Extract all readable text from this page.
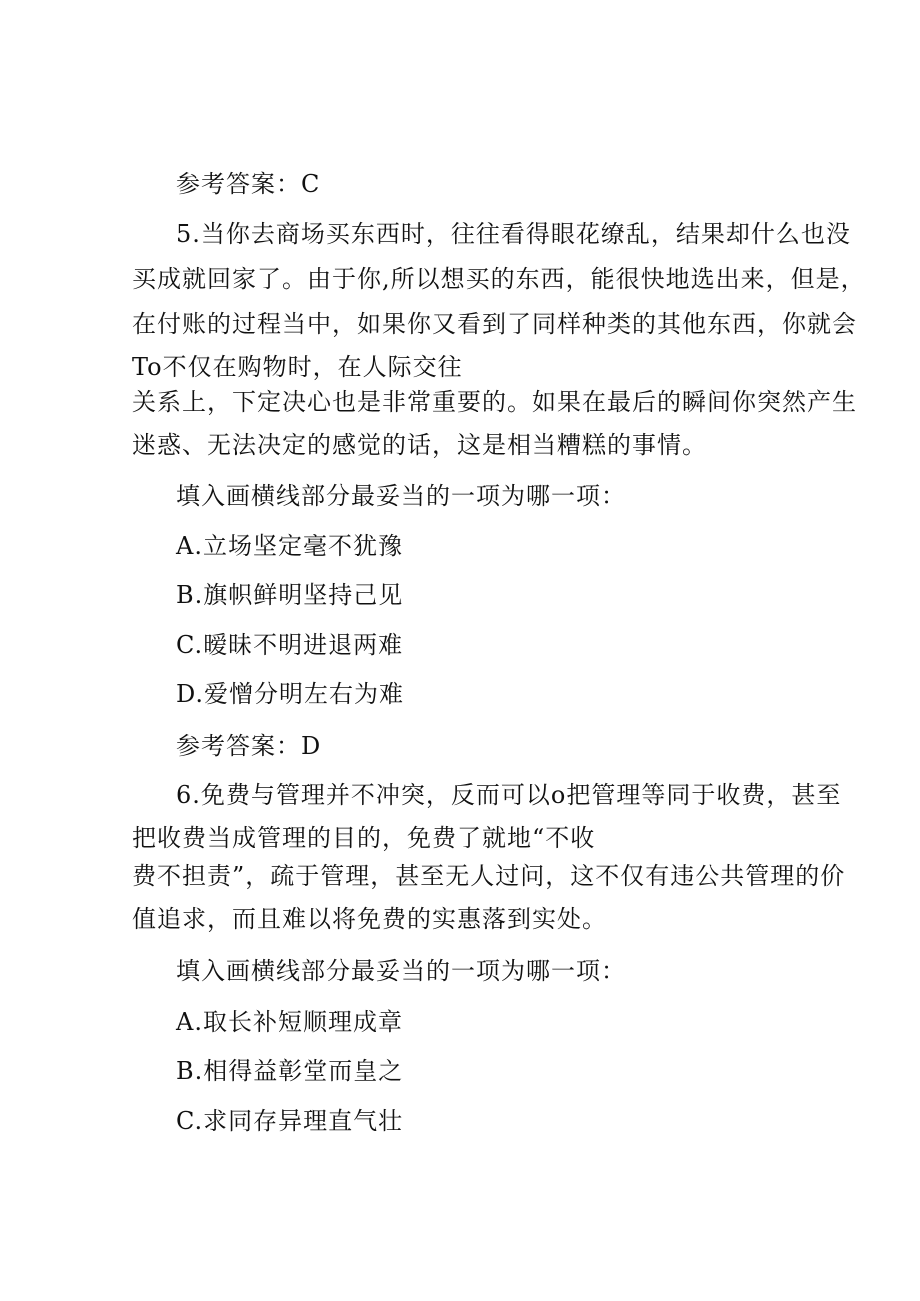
参考答案：C
5.当你去商场买东西时，往往看得眼花缭乱，结果却什么也没
买成就回家了。由于你,所以想买的东西，能很快地选出来，但是，
在付账的过程当中，如果你又看到了同样种类的其他东西，你就会
To不仅在购物时，在人际交往
关系上，下定决心也是非常重要的。如果在最后的瞬间你突然产生
迷惑、无法决定的感觉的话，这是相当糟糕的事情。
填入画横线部分最妥当的一项为哪一项：
A.立场坚定毫不犹豫
B.旗帜鲜明坚持己见
C.暧昧不明进退两难
D.爱憎分明左右为难
参考答案：D
6.免费与管理并不冲突，反而可以o把管理等同于收费，甚至
把收费当成管理的目的，免费了就地“不收
费不担责”，疏于管理，甚至无人过问，这不仅有违公共管理的价
值追求，而且难以将免费的实惠落到实处。
填入画横线部分最妥当的一项为哪一项：
A.取长补短顺理成章
B.相得益彰堂而皇之
C.求同存异理直气壮
